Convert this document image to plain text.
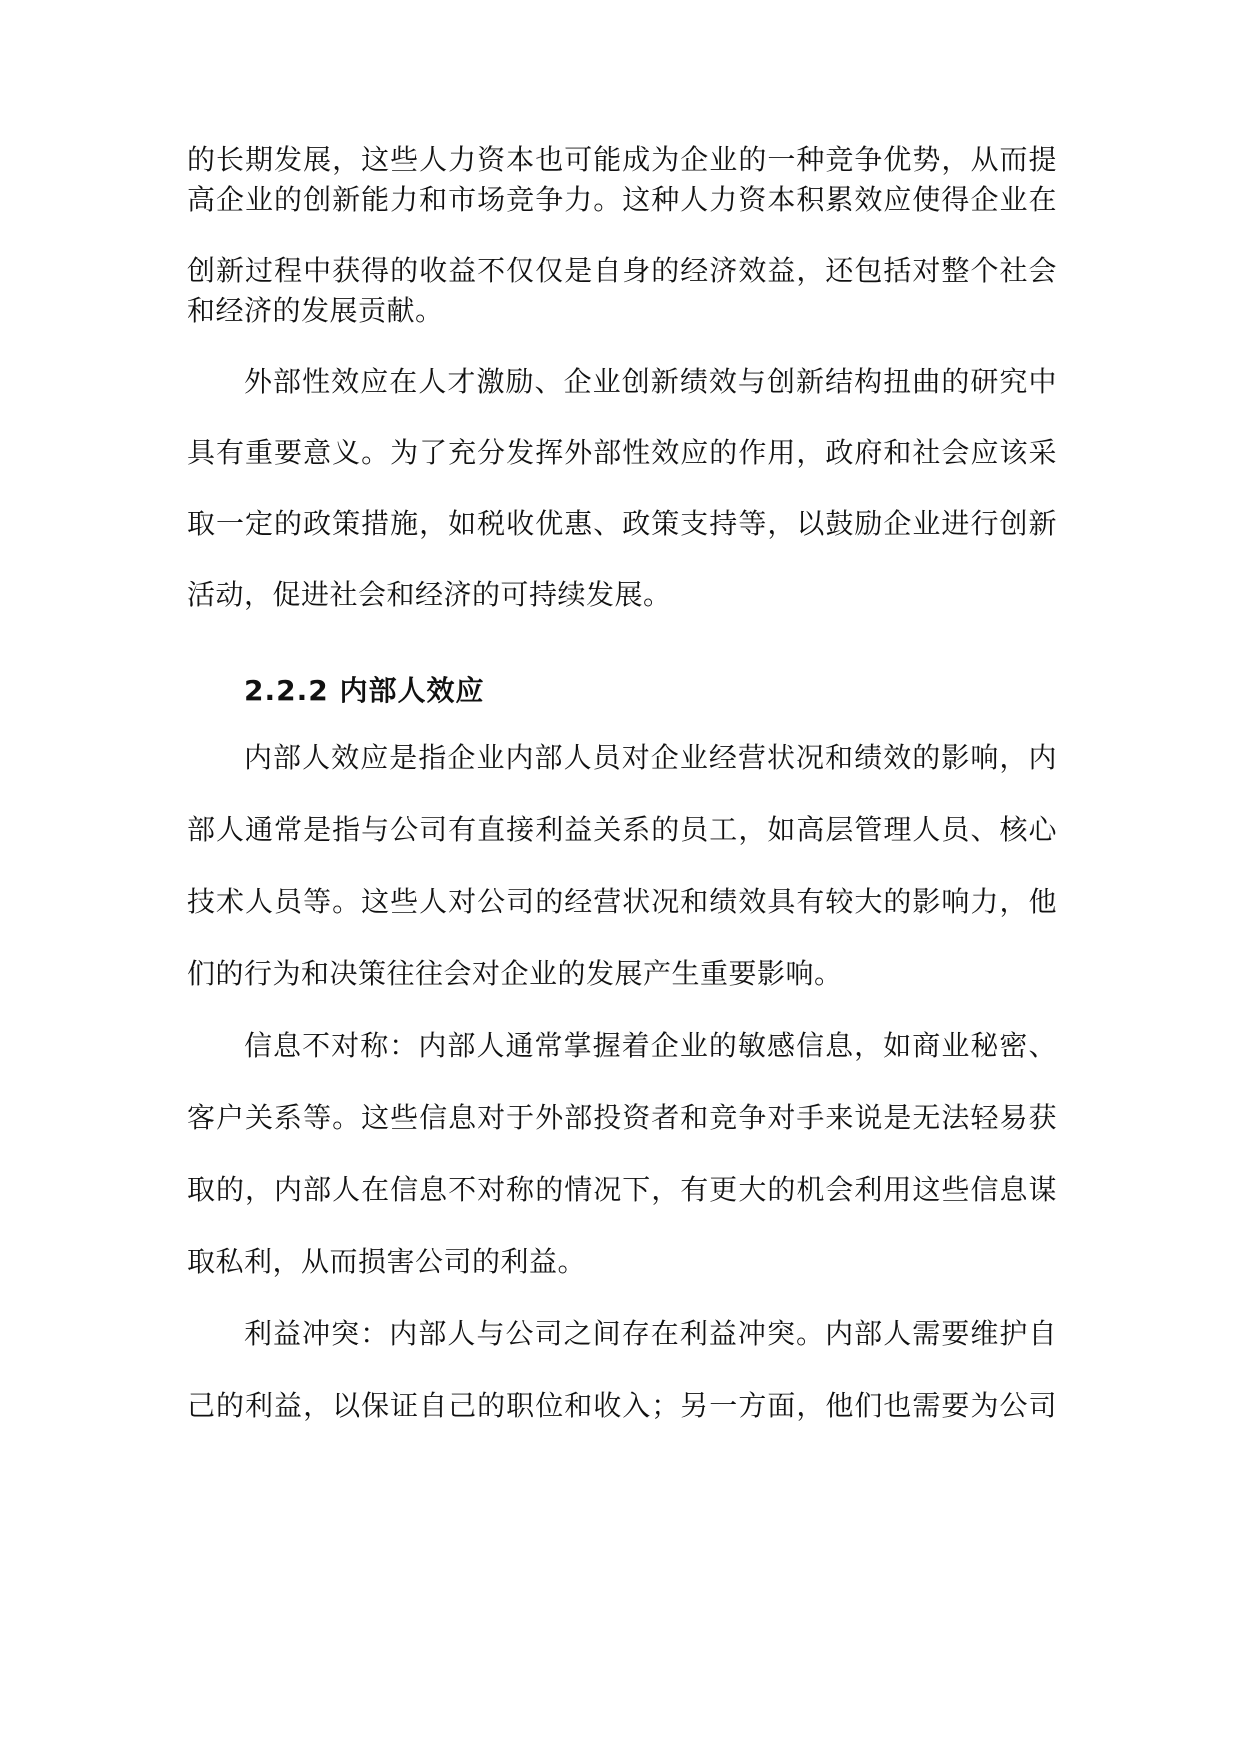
的长期发展，这些人力资本也可能成为企业的一种竞争优势，从而提

高企业的创新能力和市场竞争力。这种人力资本积累效应使得企业在

创新过程中获得的收益不仅仅是自身的经济效益，还包括对整个社会

和经济的发展贡献。

外部性效应在人才激励、企业创新绩效与创新结构扭曲的研究中

具有重要意义。为了充分发挥外部性效应的作用，政府和社会应该采

取一定的政策措施，如税收优惠、政策支持等，以鼓励企业进行创新

活动，促进社会和经济的可持续发展。

2.2.2 内部人效应

内部人效应是指企业内部人员对企业经营状况和绩效的影响，内

部人通常是指与公司有直接利益关系的员工，如高层管理人员、核心

技术人员等。这些人对公司的经营状况和绩效具有较大的影响力，他

们的行为和决策往往会对企业的发展产生重要影响。

信息不对称：内部人通常掌握着企业的敏感信息，如商业秘密、

客户关系等。这些信息对于外部投资者和竞争对手来说是无法轻易获

取的，内部人在信息不对称的情况下，有更大的机会利用这些信息谋

取私利，从而损害公司的利益。

利益冲突：内部人与公司之间存在利益冲突。内部人需要维护自

己的利益，以保证自己的职位和收入；另一方面，他们也需要为公司
